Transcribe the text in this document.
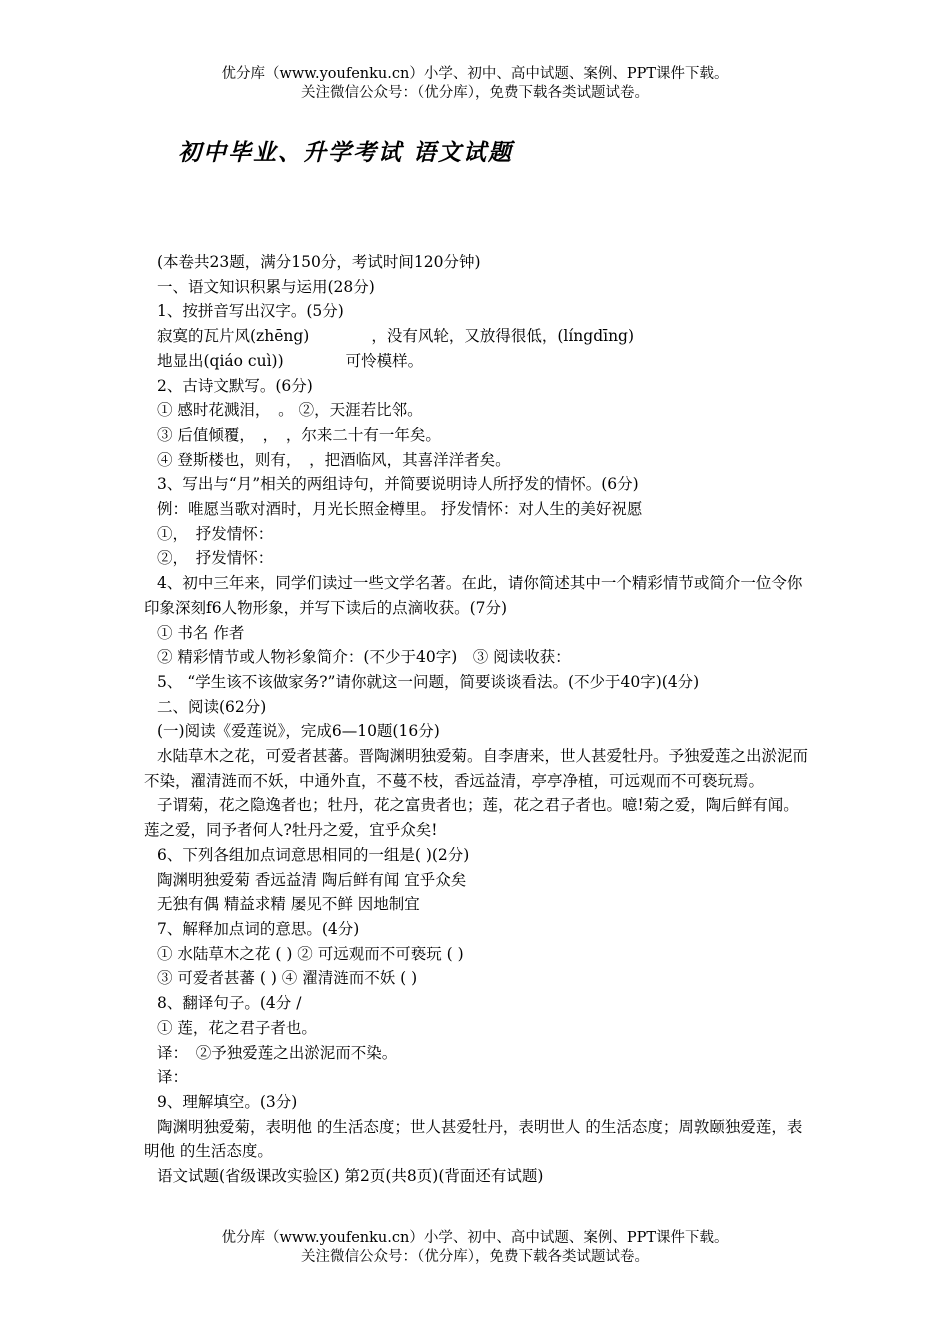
优分库（www.youfenku.cn）小学、初中、高中试题、案例、PPT课件下载。
关注微信公众号：（优分库），免费下载各类试题试卷。
初中毕业、升学考试 语文试题

(本卷共23题，满分150分，考试时间120分钟)

一、语文知识积累与运用(28分)

1、按拼音写出汉字。(5分)

寂寞的瓦片风(zhēng)　　　　，没有风轮，又放得很低，(língdīng)

地显出(qiáo cuì))　　　　可怜模样。

2、古诗文默写。(6分)

① 感时花溅泪，　。 ②，天涯若比邻。

③ 后值倾覆，　，　，尔来二十有一年矣。

④ 登斯楼也，则有，　，把酒临风，其喜洋洋者矣。

3、写出与“月”相关的两组诗句，并简要说明诗人所抒发的情怀。(6分)

例：唯愿当歌对酒时，月光长照金樽里。 抒发情怀：对人生的美好祝愿

①，　抒发情怀：

②，　抒发情怀：

4、初中三年来，同学们读过一些文学名著。在此，请你简述其中一个精彩情节或简介一位令你印象深刻f6人物形象，并写下读后的点滴收获。(7分)

① 书名 作者

② 精彩情节或人物衫象简介：(不少于40字)　③ 阅读收获：

5、 “学生该不该做家务?”请你就这一问题，简要谈谈看法。(不少于40字)(4分)

二、阅读(62分)

(一)阅读《爱莲说》，完成6—10题(16分)

水陆草木之花，可爱者甚蕃。晋陶渊明独爱菊。自李唐来，世人甚爱牡丹。予独爱莲之出淤泥而不染，濯清涟而不妖，中通外直，不蔓不枝，香远益清，亭亭净植，可远观而不可亵玩焉。

子谓菊，花之隐逸者也；牡丹，花之富贵者也；莲，花之君子者也。噫!菊之爱，陶后鲜有闻。莲之爱，同予者何人?牡丹之爱，宜乎众矣!

6、下列各组加点词意思相同的一组是( )(2分)

陶渊明独爱菊 香远益清 陶后鲜有闻 宜乎众矣

无独有偶 精益求精 屡见不鲜 因地制宜

7、解释加点词的意思。(4分)

① 水陆草木之花 ( ) ② 可远观而不可亵玩 ( )

③ 可爱者甚蕃 ( ) ④ 濯清涟而不妖 ( )

8、翻译句子。(4分 /

① 莲，花之君子者也。

译：　②予独爱莲之出淤泥而不染。

译：

9、理解填空。(3分)

陶渊明独爱菊，表明他 的生活态度；世人甚爱牡丹，表明世人 的生活态度；周敦颐独爱莲，表明他 的生活态度。

语文试题(省级课改实验区) 第2页(共8页)(背面还有试题)

优分库（www.youfenku.cn）小学、初中、高中试题、案例、PPT课件下载。
关注微信公众号：（优分库），免费下载各类试题试卷。
